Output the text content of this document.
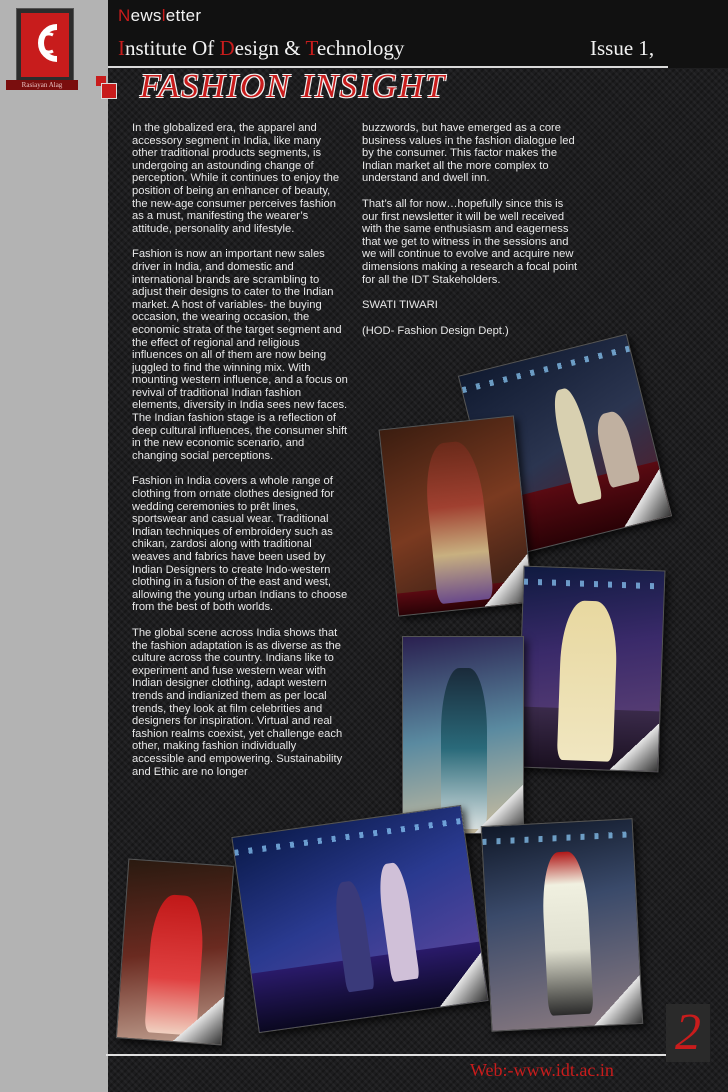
Rasiayan Alag
Newsletter
Institute Of Design & Technology	Issue 1,
FASHION INSIGHT

In the globalized era, the apparel and accessory segment in India, like many other traditional products segments, is undergoing an astounding change of perception. While it continues to enjoy the position of being an enhancer of beauty, the new-age consumer perceives fashion as a must, manifesting the wearer’s attitude, personality and lifestyle.

Fashion is now an important new sales driver in India, and domestic and international brands are scrambling to adjust their designs to cater to the Indian market. A host of variables- the buying occasion, the wearing occasion, the economic strata of the target segment and the effect of regional and religious influences on all of them are now being juggled to find the winning mix. With mounting western influence, and a focus on revival of traditional Indian fashion elements, diversity in India sees new faces. The Indian fashion stage is a reflection of deep cultural influences, the consumer shift in the new economic scenario, and changing social perceptions.

Fashion in India covers a whole range of clothing from ornate clothes designed for wedding ceremonies to prêt lines, sportswear and casual wear. Traditional Indian techniques of embroidery such as chikan, zardosi along with traditional weaves and fabrics have been used by Indian Designers to create Indo-western clothing in a fusion of the east and west, allowing the young urban Indians to choose from the best of both worlds.

The global scene across India shows that the fashion adaptation is as diverse as the culture across the country. Indians like to experiment and fuse western wear with Indian designer clothing, adapt western trends and indianized them as per local trends, they look at film celebrities and designers for inspiration. Virtual and real fashion realms coexist, yet challenge each other, making fashion individually accessible and empowering. Sustainability and Ethic are no longer

buzzwords, but have emerged as a core business values in the fashion dialogue led by the consumer. This factor makes the Indian market all the more complex to understand and dwell inn.

That’s all for now…hopefully since this is our first newsletter it will be well received with the same enthusiasm and eagerness that we get to witness in the sessions and we will continue to evolve and acquire new dimensions making a research a focal point for all the IDT Stakeholders.

SWATI TIWARI

(HOD- Fashion Design Dept.)

2
Web:-www.idt.ac.in
